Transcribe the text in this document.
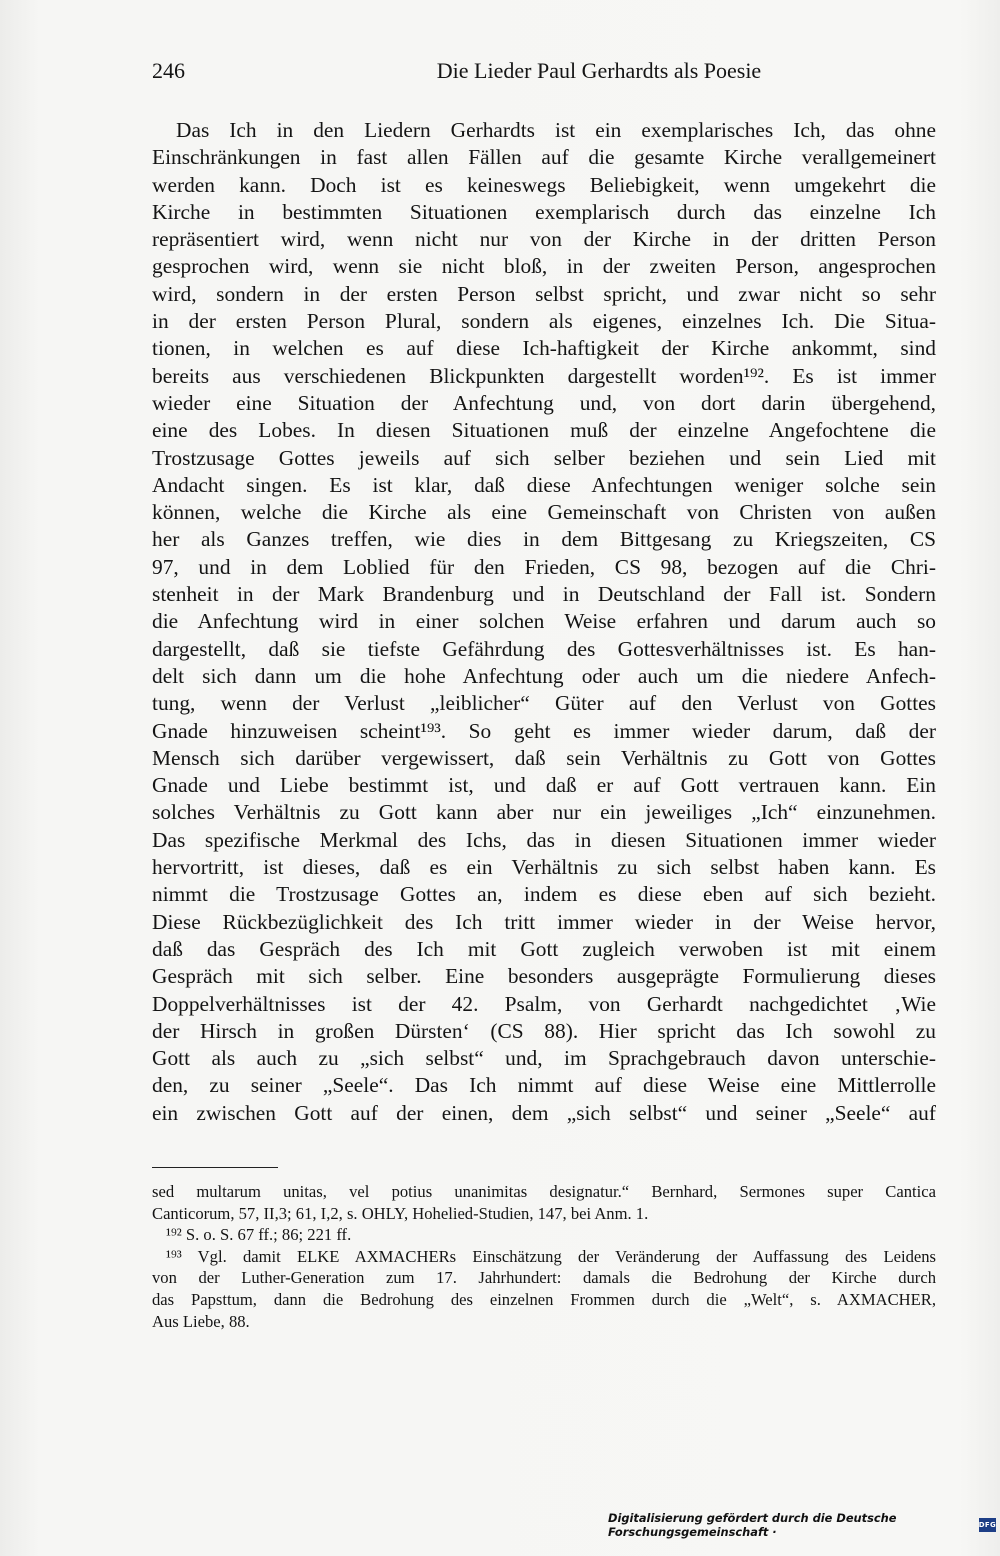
246	Die Lieder Paul Gerhardts als Poesie
Das Ich in den Liedern Gerhardts ist ein exemplarisches Ich, das ohne
Einschränkungen in fast allen Fällen auf die gesamte Kirche verallgemeinert
werden kann. Doch ist es keineswegs Beliebigkeit, wenn umgekehrt die
Kirche in bestimmten Situationen exemplarisch durch das einzelne Ich
repräsentiert wird, wenn nicht nur von der Kirche in der dritten Person
gesprochen wird, wenn sie nicht bloß, in der zweiten Person, angesprochen
wird, sondern in der ersten Person selbst spricht, und zwar nicht so sehr
in der ersten Person Plural, sondern als eigenes, einzelnes Ich. Die Situa-
tionen, in welchen es auf diese Ich-haftigkeit der Kirche ankommt, sind
bereits aus verschiedenen Blickpunkten dargestellt worden¹⁹². Es ist immer
wieder eine Situation der Anfechtung und, von dort darin übergehend,
eine des Lobes. In diesen Situationen muß der einzelne Angefochtene die
Trostzusage Gottes jeweils auf sich selber beziehen und sein Lied mit
Andacht singen. Es ist klar, daß diese Anfechtungen weniger solche sein
können, welche die Kirche als eine Gemeinschaft von Christen von außen
her als Ganzes treffen, wie dies in dem Bittgesang zu Kriegszeiten, CS
97, und in dem Loblied für den Frieden, CS 98, bezogen auf die Chri-
stenheit in der Mark Brandenburg und in Deutschland der Fall ist. Sondern
die Anfechtung wird in einer solchen Weise erfahren und darum auch so
dargestellt, daß sie tiefste Gefährdung des Gottesverhältnisses ist. Es han-
delt sich dann um die hohe Anfechtung oder auch um die niedere Anfech-
tung, wenn der Verlust „leiblicher“ Güter auf den Verlust von Gottes
Gnade hinzuweisen scheint¹⁹³. So geht es immer wieder darum, daß der
Mensch sich darüber vergewissert, daß sein Verhältnis zu Gott von Gottes
Gnade und Liebe bestimmt ist, und daß er auf Gott vertrauen kann. Ein
solches Verhältnis zu Gott kann aber nur ein jeweiliges „Ich“ einzunehmen.
Das spezifische Merkmal des Ichs, das in diesen Situationen immer wieder
hervortritt, ist dieses, daß es ein Verhältnis zu sich selbst haben kann. Es
nimmt die Trostzusage Gottes an, indem es diese eben auf sich bezieht.
Diese Rückbezüglichkeit des Ich tritt immer wieder in der Weise hervor,
daß das Gespräch des Ich mit Gott zugleich verwoben ist mit einem
Gespräch mit sich selber. Eine besonders ausgeprägte Formulierung dieses
Doppelverhältnisses ist der 42. Psalm, von Gerhardt nachgedichtet ‚Wie
der Hirsch in großen Dürsten‘ (CS 88). Hier spricht das Ich sowohl zu
Gott als auch zu „sich selbst“ und, im Sprachgebrauch davon unterschie-
den, zu seiner „Seele“. Das Ich nimmt auf diese Weise eine Mittlerrolle
ein zwischen Gott auf der einen, dem „sich selbst“ und seiner „Seele“ auf
sed multarum unitas, vel potius unanimitas designatur.“ Bernhard, Sermones super Cantica
Canticorum, 57, II,3; 61, I,2, s. OHLY, Hohelied-Studien, 147, bei Anm. 1.
¹⁹² S. o. S. 67 ff.; 86; 221 ff.
¹⁹³ Vgl. damit ELKE AXMACHERs Einschätzung der Veränderung der Auffassung des Leidens
von der Luther-Generation zum 17. Jahrhundert: damals die Bedrohung der Kirche durch
das Papsttum, dann die Bedrohung des einzelnen Frommen durch die „Welt“, s. AXMACHER,
Aus Liebe, 88.
Digitalisierung gefördert durch die Deutsche Forschungsgemeinschaft ·	DFG
